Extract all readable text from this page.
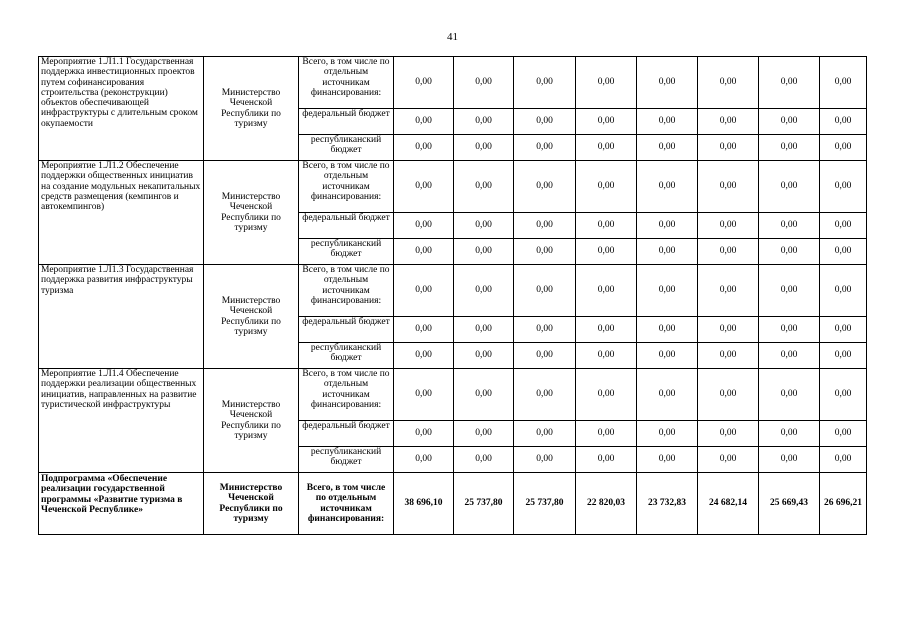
41
Мероприятие 1.Л1.1 Государственная поддержка инвестиционных проектов путем софинансирования строительства (реконструкции) объектов обеспечивающей инфраструктуры с длительным сроком окупаемости	Министерство Чеченской Республики по туризму	Всего, в том числе по отдельным источникам финансирования:	0,00	0,00	0,00	0,00	0,00	0,00	0,00	0,00
		федеральный бюджет	0,00	0,00	0,00	0,00	0,00	0,00	0,00	0,00
		республиканский бюджет	0,00	0,00	0,00	0,00	0,00	0,00	0,00	0,00
Мероприятие 1.Л1.2 Обеспечение поддержки общественных инициатив на создание модульных некапитальных средств размещения (кемпингов и автокемпингов)	Министерство Чеченской Республики по туризму	Всего, в том числе по отдельным источникам финансирования:	0,00	0,00	0,00	0,00	0,00	0,00	0,00	0,00
		федеральный бюджет	0,00	0,00	0,00	0,00	0,00	0,00	0,00	0,00
		республиканский бюджет	0,00	0,00	0,00	0,00	0,00	0,00	0,00	0,00
Мероприятие 1.Л1.3 Государственная поддержка развития инфраструктуры туризма	Министерство Чеченской Республики по туризму	Всего, в том числе по отдельным источникам финансирования:	0,00	0,00	0,00	0,00	0,00	0,00	0,00	0,00
		федеральный бюджет	0,00	0,00	0,00	0,00	0,00	0,00	0,00	0,00
		республиканский бюджет	0,00	0,00	0,00	0,00	0,00	0,00	0,00	0,00
Мероприятие 1.Л1.4 Обеспечение поддержки реализации общественных инициатив, направленных на развитие туристической инфраструктуры	Министерство Чеченской Республики по туризму	Всего, в том числе по отдельным источникам финансирования:	0,00	0,00	0,00	0,00	0,00	0,00	0,00	0,00
		федеральный бюджет	0,00	0,00	0,00	0,00	0,00	0,00	0,00	0,00
		республиканский бюджет	0,00	0,00	0,00	0,00	0,00	0,00	0,00	0,00
Подпрограмма «Обеспечение реализации государственной программы «Развитие туризма в Чеченской Республике»	Министерство Чеченской Республики по туризму	Всего, в том числе по отдельным источникам финансирования:	38 696,10	25 737,80	25 737,80	22 820,03	23 732,83	24 682,14	25 669,43	26 696,21
